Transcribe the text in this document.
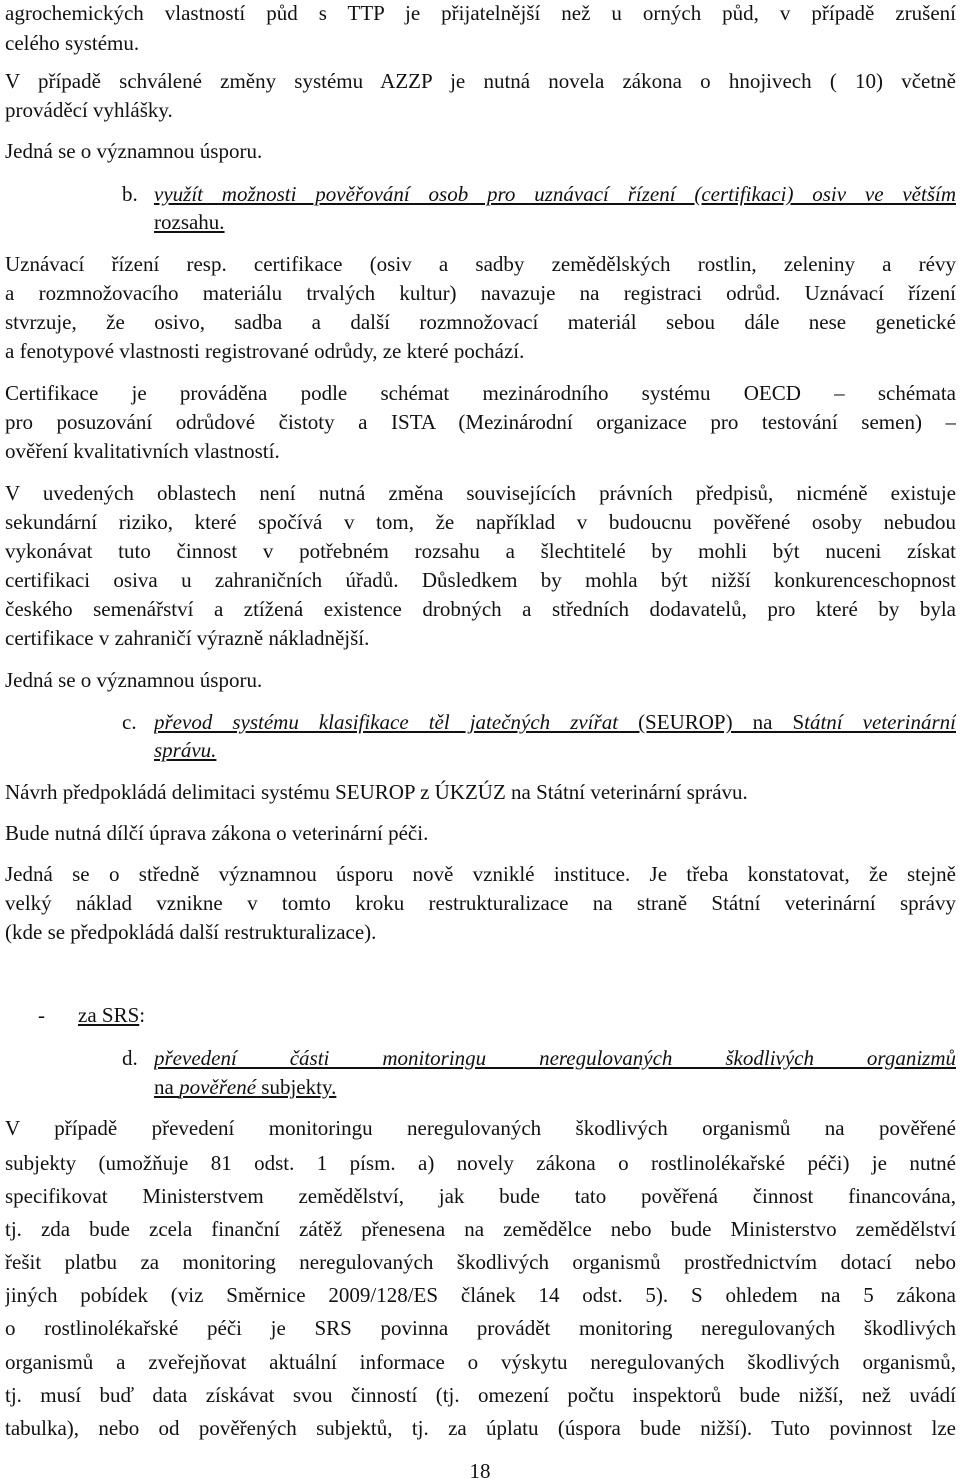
agrochemických vlastností půd s TTP je přijatelnější než u orných půd, v případě zrušení
celého systému.
V případě schválené změny systému AZZP je nutná novela zákona o hnojivech ( 10) včetně
prováděcí vyhlášky.
Jedná se o významnou úsporu.
b. využít možnosti pověřování osob pro uznávací řízení (certifikaci) osiv ve větším
rozsahu.
Uznávací řízení resp. certifikace (osiv a sadby zemědělských rostlin, zeleniny a révy
a rozmnožovacího materiálu trvalých kultur) navazuje na registraci odrůd. Uznávací řízení
stvrzuje, že osivo, sadba a další rozmnožovací materiál sebou dále nese genetické
a fenotypové vlastnosti registrované odrůdy, ze které pochází.
Certifikace je prováděna podle schémat mezinárodního systému OECD – schémata
pro posuzování odrůdové čistoty a ISTA (Mezinárodní organizace pro testování semen) –
ověření kvalitativních vlastností.
V uvedených oblastech není nutná změna souvisejících právních předpisů, nicméně existuje
sekundární riziko, které spočívá v tom, že například v budoucnu pověřené osoby nebudou
vykonávat tuto činnost v potřebném rozsahu a šlechtitelé by mohli být nuceni získat
certifikaci osiva u zahraničních úřadů. Důsledkem by mohla být nižší konkurenceschopnost
českého semenářství a ztížená existence drobných a středních dodavatelů, pro které by byla
certifikace v zahraničí výrazně nákladnější.
Jedná se o významnou úsporu.
c. převod systému klasifikace těl jatečných zvířat (SEUROP) na Státní veterinární
správu.
Návrh předpokládá delimitaci systému SEUROP z ÚKZÚZ na Státní veterinární správu.
Bude nutná dílčí úprava zákona o veterinární péči.
Jedná se o středně významnou úsporu nově vzniklé instituce. Je třeba konstatovat, že stejně
velký náklad vznikne v tomto kroku restrukturalizace na straně Státní veterinární správy
(kde se předpokládá další restrukturalizace).
- za SRS:
d. převedení části monitoringu neregulovaných škodlivých organizmů
na pověřené subjekty.
V případě převedení monitoringu neregulovaných škodlivých organismů na pověřené
subjekty (umožňuje 81 odst. 1 písm. a) novely zákona o rostlinolékařské péči) je nutné
specifikovat Ministerstvem zemědělství, jak bude tato pověřená činnost financována,
tj. zda bude zcela finanční zátěž přenesena na zemědělce nebo bude Ministerstvo zemědělství
řešit platbu za monitoring neregulovaných škodlivých organismů prostřednictvím dotací nebo
jiných pobídek (viz Směrnice 2009/128/ES článek 14 odst. 5). S ohledem na 5 zákona
o rostlinolékařské péči je SRS povinna provádět monitoring neregulovaných škodlivých
organismů a zveřejňovat aktuální informace o výskytu neregulovaných škodlivých organismů,
tj. musí buď data získávat svou činností (tj. omezení počtu inspektorů bude nižší, než uvádí
tabulka), nebo od pověřených subjektů, tj. za úplatu (úspora bude nižší). Tuto povinnost lze
18
